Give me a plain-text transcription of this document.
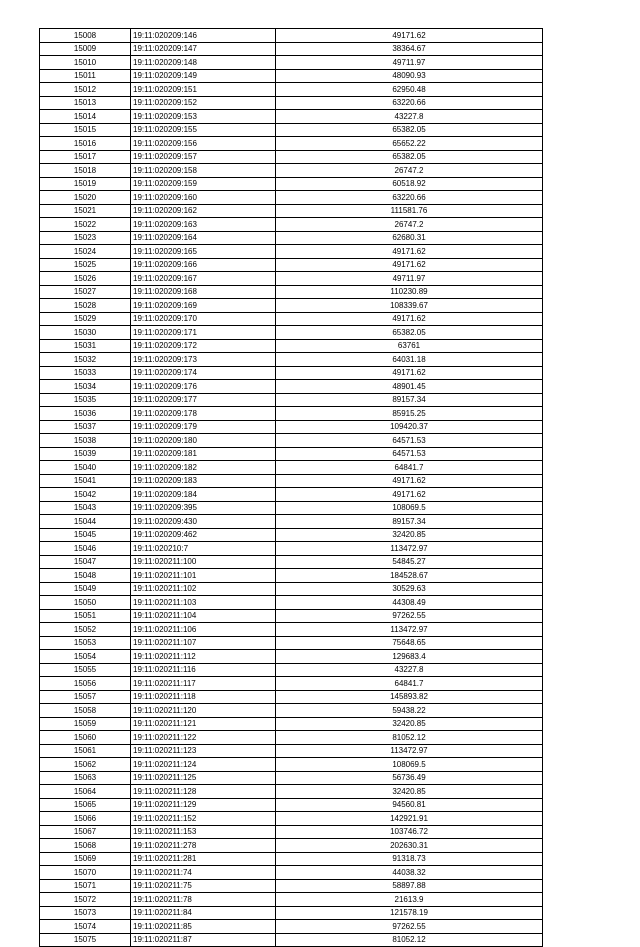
15008	19:11:020209:146	49171.62
15009	19:11:020209:147	38364.67
15010	19:11:020209:148	49711.97
15011	19:11:020209:149	48090.93
15012	19:11:020209:151	62950.48
15013	19:11:020209:152	63220.66
15014	19:11:020209:153	43227.8
15015	19:11:020209:155	65382.05
15016	19:11:020209:156	65652.22
15017	19:11:020209:157	65382.05
15018	19:11:020209:158	26747.2
15019	19:11:020209:159	60518.92
15020	19:11:020209:160	63220.66
15021	19:11:020209:162	111581.76
15022	19:11:020209:163	26747.2
15023	19:11:020209:164	62680.31
15024	19:11:020209:165	49171.62
15025	19:11:020209:166	49171.62
15026	19:11:020209:167	49711.97
15027	19:11:020209:168	110230.89
15028	19:11:020209:169	108339.67
15029	19:11:020209:170	49171.62
15030	19:11:020209:171	65382.05
15031	19:11:020209:172	63761
15032	19:11:020209:173	64031.18
15033	19:11:020209:174	49171.62
15034	19:11:020209:176	48901.45
15035	19:11:020209:177	89157.34
15036	19:11:020209:178	85915.25
15037	19:11:020209:179	109420.37
15038	19:11:020209:180	64571.53
15039	19:11:020209:181	64571.53
15040	19:11:020209:182	64841.7
15041	19:11:020209:183	49171.62
15042	19:11:020209:184	49171.62
15043	19:11:020209:395	108069.5
15044	19:11:020209:430	89157.34
15045	19:11:020209:462	32420.85
15046	19:11:020210:7	113472.97
15047	19:11:020211:100	54845.27
15048	19:11:020211:101	184528.67
15049	19:11:020211:102	30529.63
15050	19:11:020211:103	44308.49
15051	19:11:020211:104	97262.55
15052	19:11:020211:106	113472.97
15053	19:11:020211:107	75648.65
15054	19:11:020211:112	129683.4
15055	19:11:020211:116	43227.8
15056	19:11:020211:117	64841.7
15057	19:11:020211:118	145893.82
15058	19:11:020211:120	59438.22
15059	19:11:020211:121	32420.85
15060	19:11:020211:122	81052.12
15061	19:11:020211:123	113472.97
15062	19:11:020211:124	108069.5
15063	19:11:020211:125	56736.49
15064	19:11:020211:128	32420.85
15065	19:11:020211:129	94560.81
15066	19:11:020211:152	142921.91
15067	19:11:020211:153	103746.72
15068	19:11:020211:278	202630.31
15069	19:11:020211:281	91318.73
15070	19:11:020211:74	44038.32
15071	19:11:020211:75	58897.88
15072	19:11:020211:78	21613.9
15073	19:11:020211:84	121578.19
15074	19:11:020211:85	97262.55
15075	19:11:020211:87	81052.12
